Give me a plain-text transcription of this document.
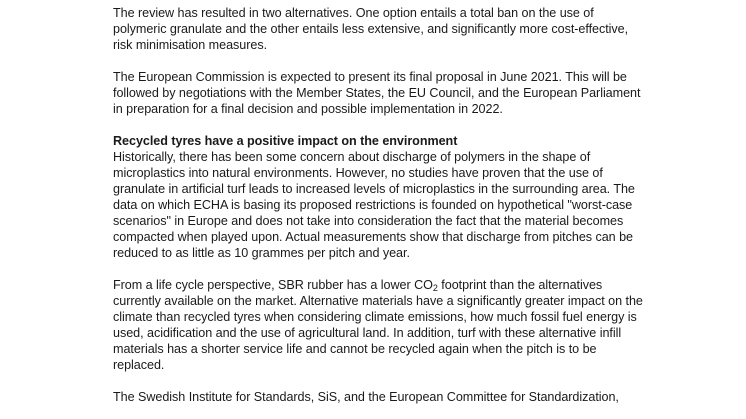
The review has resulted in two alternatives. One option entails a total ban on the use of polymeric granulate and the other entails less extensive, and significantly more cost-effective, risk minimisation measures.

The European Commission is expected to present its final proposal in June 2021. This will be followed by negotiations with the Member States, the EU Council, and the European Parliament in preparation for a final decision and possible implementation in 2022.

Recycled tyres have a positive impact on the environment

Historically, there has been some concern about discharge of polymers in the shape of microplastics into natural environments. However, no studies have proven that the use of granulate in artificial turf leads to increased levels of microplastics in the surrounding area. The data on which ECHA is basing its proposed restrictions is founded on hypothetical "worst-case scenarios" in Europe and does not take into consideration the fact that the material becomes compacted when played upon. Actual measurements show that discharge from pitches can be reduced to as little as 10 grammes per pitch and year.

From a life cycle perspective, SBR rubber has a lower $CO_2$ footprint than the alternatives currently available on the market. Alternative materials have a significantly greater impact on the climate than recycled tyres when considering climate emissions, how much fossil fuel energy is used, acidification and the use of agricultural land. In addition, turf with these alternative infill materials has a shorter service life and cannot be recycled again when the pitch is to be replaced.

The Swedish Institute for Standards, SiS, and the European Committee for Standardization,
